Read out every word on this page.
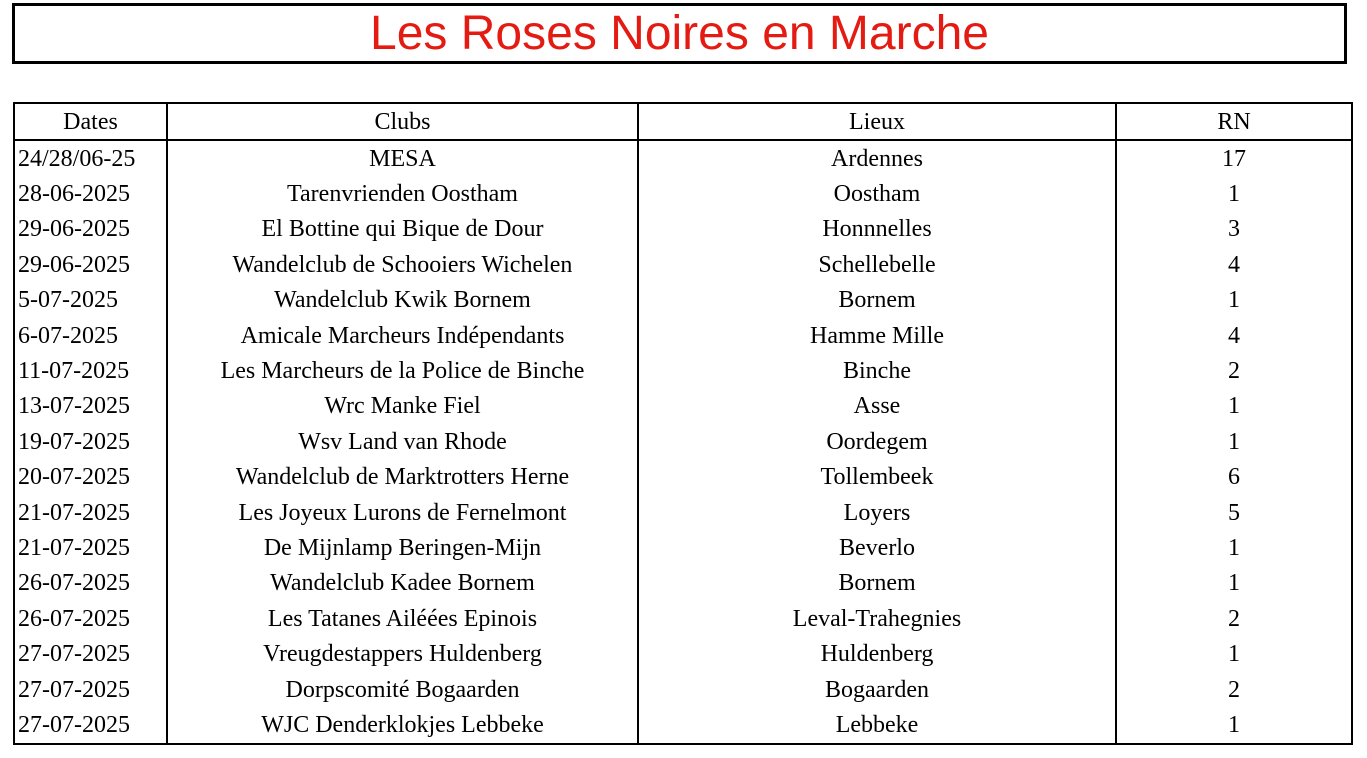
Les Roses Noires en Marche
Dates	Clubs	Lieux	RN
24/28/06-25	MESA	Ardennes	17
28-06-2025	Tarenvrienden Oostham	Oostham	1
29-06-2025	El Bottine qui Bique de Dour	Honnnelles	3
29-06-2025	Wandelclub de Schooiers Wichelen	Schellebelle	4
5-07-2025	Wandelclub Kwik Bornem	Bornem	1
6-07-2025	Amicale Marcheurs Indépendants	Hamme Mille	4
11-07-2025	Les Marcheurs de la Police de Binche	Binche	2
13-07-2025	Wrc Manke Fiel	Asse	1
19-07-2025	Wsv Land van Rhode	Oordegem	1
20-07-2025	Wandelclub de Marktrotters Herne	Tollembeek	6
21-07-2025	Les Joyeux Lurons de Fernelmont	Loyers	5
21-07-2025	De Mijnlamp Beringen-Mijn	Beverlo	1
26-07-2025	Wandelclub Kadee Bornem	Bornem	1
26-07-2025	Les Tatanes Ailéées Epinois	Leval-Trahegnies	2
27-07-2025	Vreugdestappers Huldenberg	Huldenberg	1
27-07-2025	Dorpscomité Bogaarden	Bogaarden	2
27-07-2025	WJC Denderklokjes Lebbeke	Lebbeke	1
